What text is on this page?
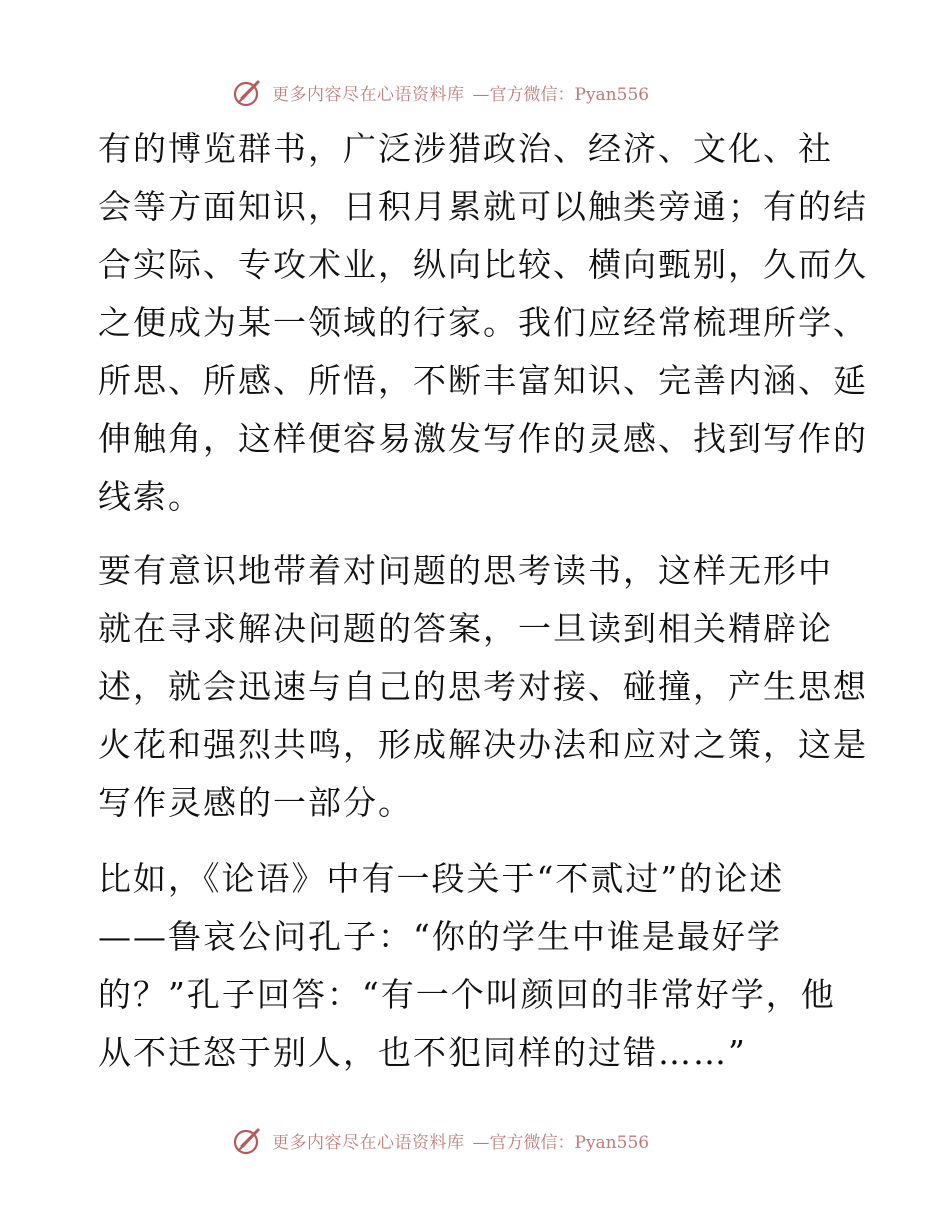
更多内容尽在心语资料库 —官方微信：Pyan556
有的博览群书，广泛涉猎政治、经济、文化、社
会等方面知识，日积月累就可以触类旁通；有的结
合实际、专攻术业，纵向比较、横向甄别，久而久
之便成为某一领域的行家。我们应经常梳理所学、
所思、所感、所悟，不断丰富知识、完善内涵、延
伸触角，这样便容易激发写作的灵感、找到写作的
线索。
要有意识地带着对问题的思考读书，这样无形中
就在寻求解决问题的答案，一旦读到相关精辟论
述，就会迅速与自己的思考对接、碰撞，产生思想
火花和强烈共鸣，形成解决办法和应对之策，这是
写作灵感的一部分。
比如，《论语》中有一段关于“不贰过”的论述
——鲁哀公问孔子：“你的学生中谁是最好学
的？”孔子回答：“有一个叫颜回的非常好学，他
从不迁怒于别人，也不犯同样的过错……”
更多内容尽在心语资料库 —官方微信：Pyan556
